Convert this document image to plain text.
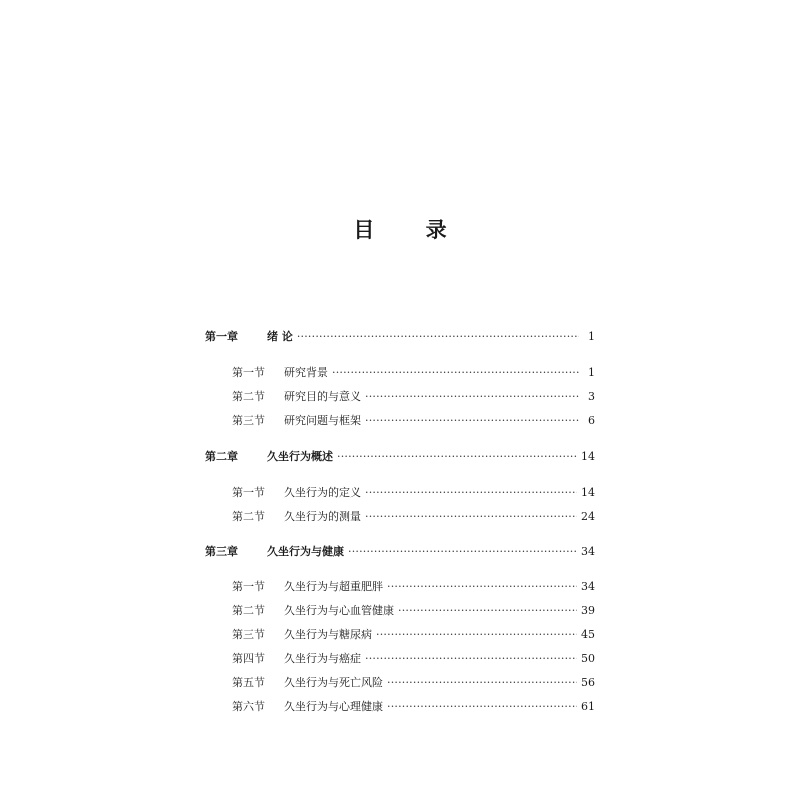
目 录
第一章	绪 论 ·····	1
第一节	研究背景 ·····	1
第二节	研究目的与意义 ·····	3
第三节	研究问题与框架 ·····	6
第二章	久坐行为概述 ·····	14
第一节	久坐行为的定义 ·····	14
第二节	久坐行为的测量 ·····	24
第三章	久坐行为与健康 ·····	34
第一节	久坐行为与超重肥胖 ·····	34
第二节	久坐行为与心血管健康 ·····	39
第三节	久坐行为与糖尿病 ·····	45
第四节	久坐行为与癌症 ·····	50
第五节	久坐行为与死亡风险 ·····	56
第六节	久坐行为与心理健康 ·····	61
